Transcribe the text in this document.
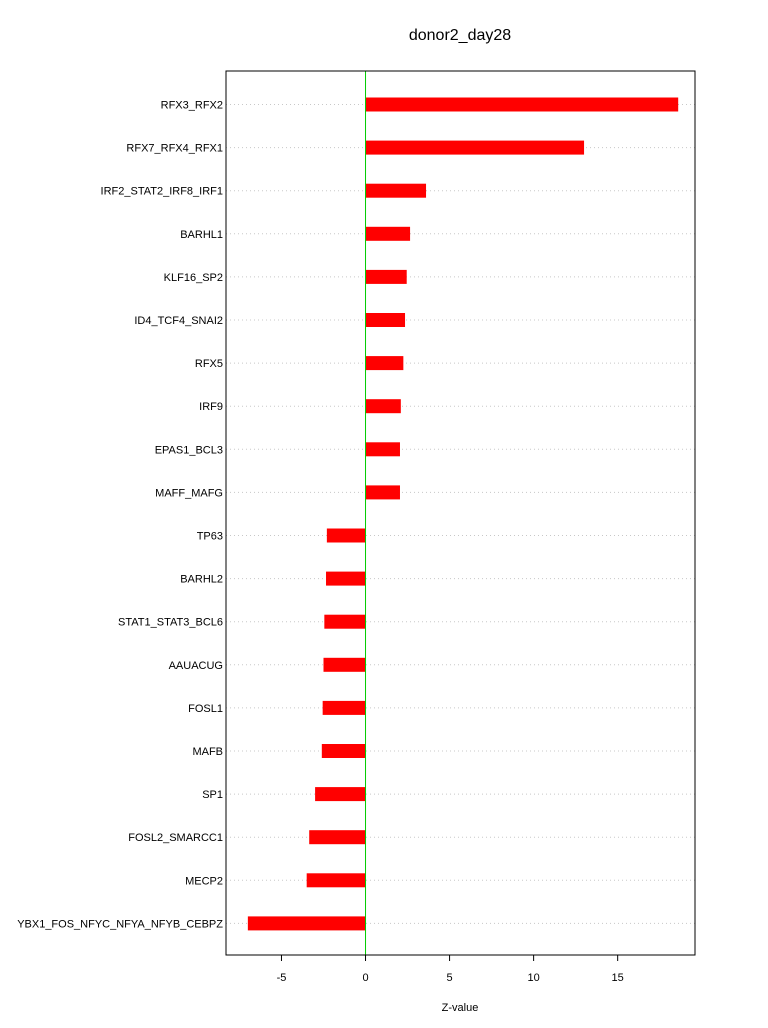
donor2_day28
RFX3_RFX2
RFX7_RFX4_RFX1
IRF2_STAT2_IRF8_IRF1
BARHL1
KLF16_SP2
ID4_TCF4_SNAI2
RFX5
IRF9
EPAS1_BCL3
MAFF_MAFG
TP63
BARHL2
STAT1_STAT3_BCL6
AAUACUG
FOSL1
MAFB
SP1
FOSL2_SMARCC1
MECP2
YBX1_FOS_NFYC_NFYA_NFYB_CEBPZ
-5	0	5	10	15
Z-value
